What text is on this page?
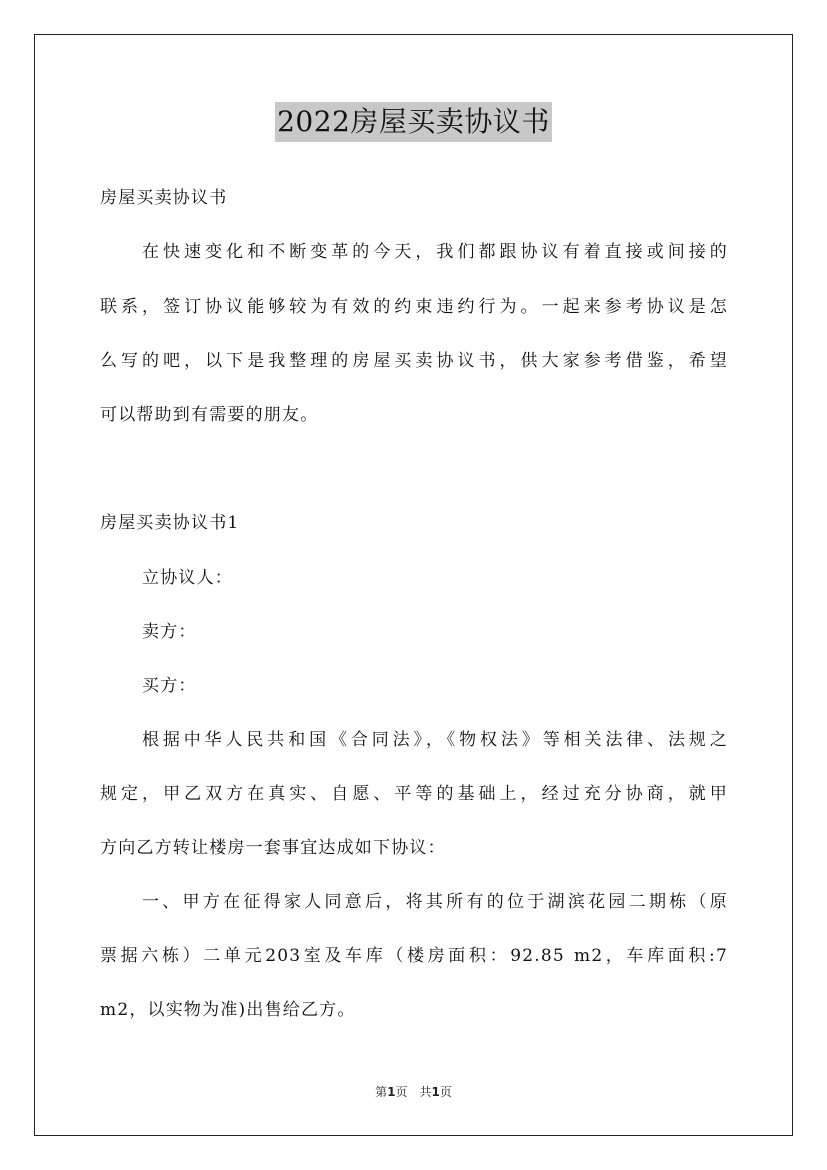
2022房屋买卖协议书

房屋买卖协议书

在快速变化和不断变革的今天，我们都跟协议有着直接或间接的

联系，签订协议能够较为有效的约束违约行为。一起来参考协议是怎

么写的吧，以下是我整理的房屋买卖协议书，供大家参考借鉴，希望

可以帮助到有需要的朋友。

房屋买卖协议书1

立协议人：

卖方：

买方：

根据中华人民共和国《合同法》，《物权法》等相关法律、法规之

规定，甲乙双方在真实、自愿、平等的基础上，经过充分协商，就甲

方向乙方转让楼房一套事宜达成如下协议：

一、甲方在征得家人同意后，将其所有的位于湖滨花园二期栋（原

票据六栋）二单元203室及车库（楼房面积：92.85 m2，车库面积:7

m2，以实物为准)出售给乙方。

第1页 共1页
